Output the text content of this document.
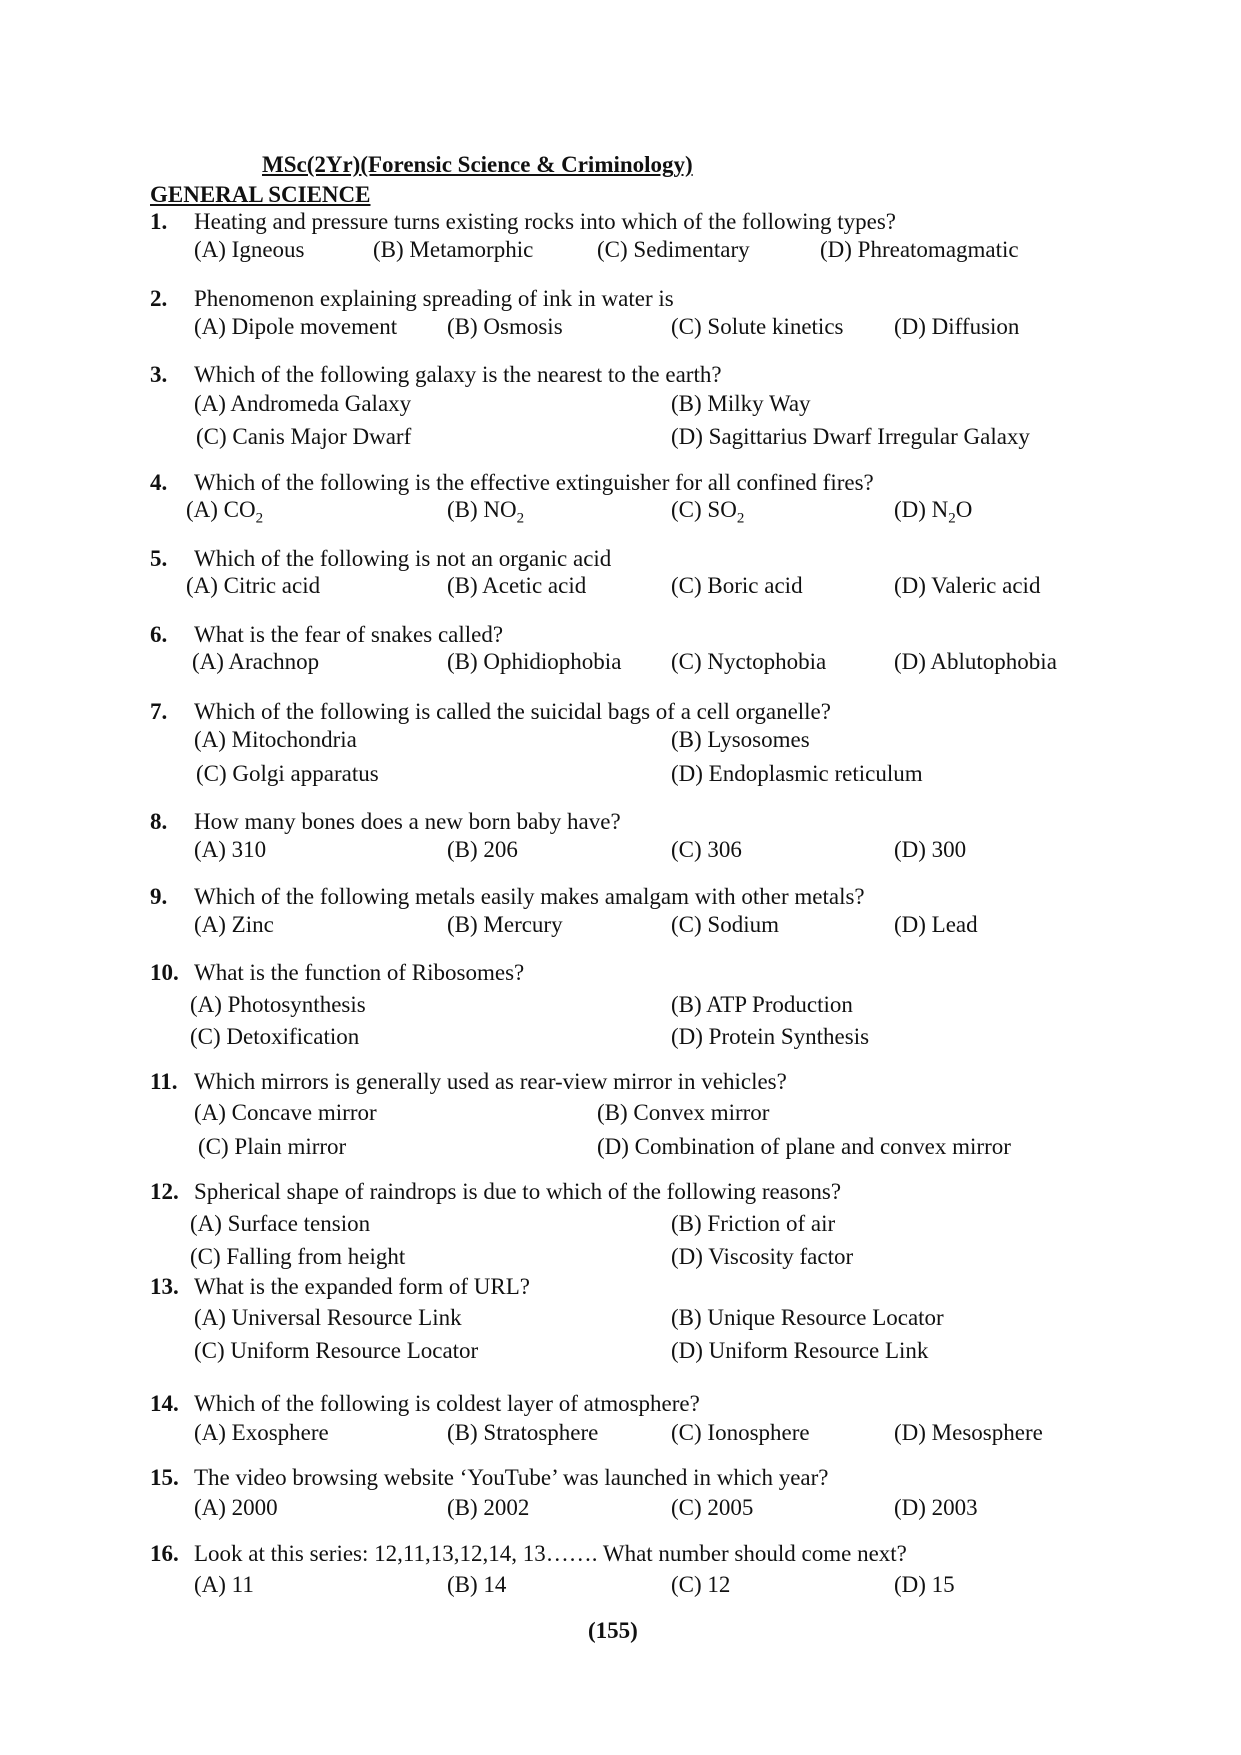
MSc(2Yr)(Forensic Science & Criminology)
GENERAL SCIENCE
1. Heating and pressure turns existing rocks into which of the following types?
(A) Igneous	(B) Metamorphic	(C) Sedimentary	(D) Phreatomagmatic
2. Phenomenon explaining spreading of ink in water is
(A) Dipole movement (B) Osmosis	(C) Solute kinetics (D) Diffusion
3. Which of the following galaxy is the nearest to the earth?
(A) Andromeda Galaxy	(B) Milky Way
(C) Canis Major Dwarf	(D) Sagittarius Dwarf Irregular Galaxy
4. Which of the following is the effective extinguisher for all confined fires?
(A) $CO_2$	(B) $NO_2$	(C) $SO_2$	(D) $N_2O$
5. Which of the following is not an organic acid
(A) Citric acid	(B) Acetic acid	(C) Boric acid	(D) Valeric acid
6. What is the fear of snakes called?
(A) Arachnop	(B) Ophidiophobia (C) Nyctophobia	(D) Ablutophobia
7. Which of the following is called the suicidal bags of a cell organelle?
(A) Mitochondria	(B) Lysosomes
(C) Golgi apparatus	(D) Endoplasmic reticulum
8. How many bones does a new born baby have?
(A) 310	(B) 206	(C) 306	(D) 300
9. Which of the following metals easily makes amalgam with other metals?
(A) Zinc	(B) Mercury	(C) Sodium	(D) Lead
10. What is the function of Ribosomes?
(A) Photosynthesis	(B) ATP Production
(C) Detoxification	(D) Protein Synthesis
11. Which mirrors is generally used as rear-view mirror in vehicles?
(A) Concave mirror	(B) Convex mirror
(C) Plain mirror	(D) Combination of plane and convex mirror
12. Spherical shape of raindrops is due to which of the following reasons?
(A) Surface tension	(B) Friction of air
(C) Falling from height	(D) Viscosity factor
13. What is the expanded form of URL?
(A) Universal Resource Link	(B) Unique Resource Locator
(C) Uniform Resource Locator	(D) Uniform Resource Link
14. Which of the following is coldest layer of atmosphere?
(A) Exosphere	(B) Stratosphere	(C) Ionosphere	(D) Mesosphere
15. The video browsing website ‘YouTube’ was launched in which year?
(A) 2000	(B) 2002	(C) 2005	(D) 2003
16. Look at this series: 12,11,13,12,14, 13……. What number should come next?
(A) 11	(B) 14	(C) 12	(D) 15
(155)
